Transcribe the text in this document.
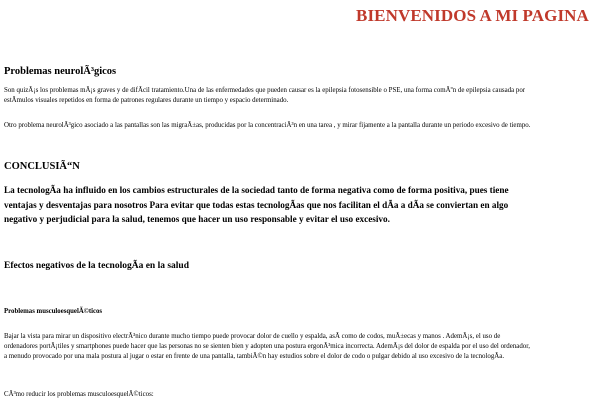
BIENVENIDOS A MI PAGINA
Problemas neurolÃ³gicos

Son quizÃ¡s los problemas mÃ¡s graves y de difÃcil tratamiento.Una de las enfermedades que pueden causar es la epilepsia fotosensible o PSE, una forma comÃºn de epilepsia causada por estÃmulos visuales repetidos en forma de patrones regulares durante un tiempo y espacio determinado.

Otro problema neurolÃ³gico asociado a las pantallas son las migraÃ±as, producidas por la concentraciÃ³n en una tarea , y mirar fijamente a la pantalla durante un periodo excesivo de tiempo.

CONCLUSIÃ“N

La tecnologÃa ha influido en los cambios estructurales de la sociedad tanto de forma negativa como de forma positiva, pues tiene ventajas y desventajas para nosotros Para evitar que todas estas tecnologÃas que nos facilitan el dÃa a dÃa se conviertan en algo negativo y perjudicial para la salud, tenemos que hacer un uso responsable y evitar el uso excesivo.

Efectos negativos de la tecnologÃa en la salud
Problemas musculoesquelÃ©ticos

Bajar la vista para mirar un dispositivo electrÃ³nico durante mucho tiempo puede provocar dolor de cuello y espalda, asÃ como de codos, muÃ±ecas y manos . AdemÃ¡s, el uso de ordenadores portÃ¡tiles y smartphones puede hacer que las personas no se sienten bien y adopten una postura ergonÃ³mica incorrecta. AdemÃ¡s del dolor de espalda por el uso del ordenador, a menudo provocado por una mala postura al jugar o estar en frente de una pantalla, tambiÃ©n hay estudios sobre el dolor de codo o pulgar debido al uso excesivo de la tecnologÃa.

CÃ³mo reducir los problemas musculoesquelÃ©ticos:
